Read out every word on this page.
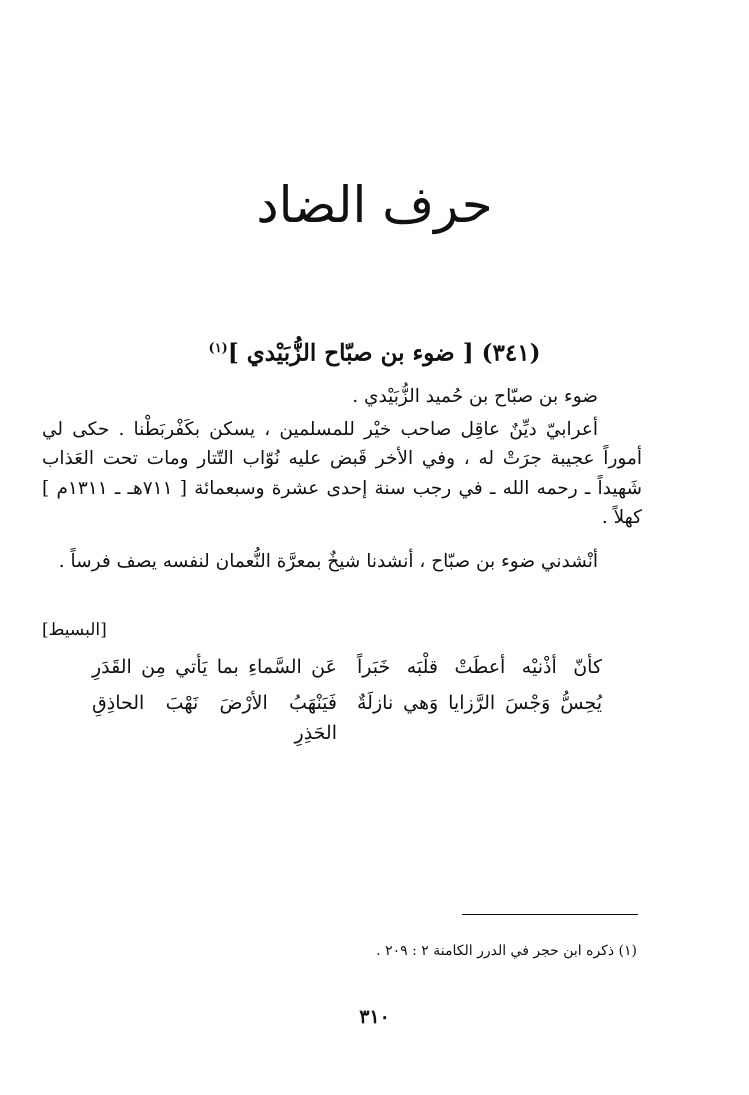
حرف الضاد
(٣٤١) [ ضوء بن صبّاح الزُّبَيْدي ]$^{(١)}$

ضوء بن صبّاح بن حُميد الزُّبَيْدي .

أعرابيّ ديِّنٌ عاقِل صاحب خيْر للمسلمين ، يسكن بكَفْربَطْنا . حكى لي أموراً عجيبة جرَتْ له ، وفي الأخر قَبض عليه نُوّاب التّتار ومات تحت العَذاب شَهيداً ـ رحمه الله ـ في رجب سنة إحدى عشرة وسبعمائة [ ٧١١هـ ـ ١٣١١م ] كهلاً .

أنْشدني ضوء بن صبّاح ، أنشدنا شيخٌ بمعرَّة النُّعمان لنفسه يصف فرساً .

[البسيط]
كأنّ أذْنيْه أعطَتْ قلْبَه خَبَراً
عَن السَّماءِ بما يَأتي مِن القَدَرِ
يُحِسُّ وَجْسَ الرَّزايا وَهي نازلَةٌ
فَيَنْهَبُ الأرْضَ نَهْبَ الحاذِقِ الحَذِرِ
(١) ذكره ابن حجر في الدرر الكامنة ٢ : ٢٠٩ .
٣١٠
